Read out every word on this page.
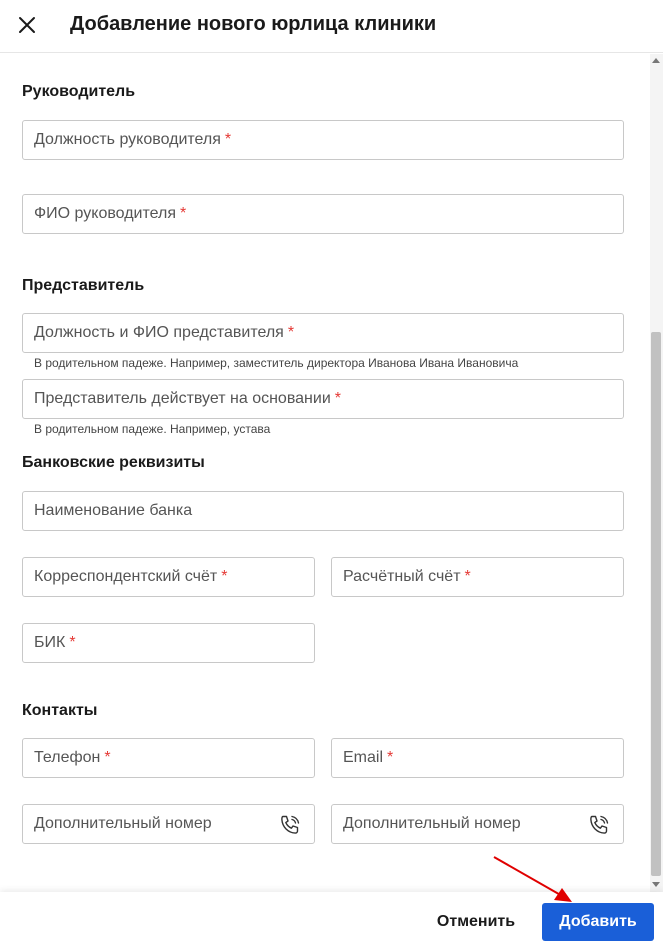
Добавление нового юрлица клиники
Руководитель
Должность руководителя *
ФИО руководителя *
Представитель
Должность и ФИО представителя *
В родительном падеже. Например, заместитель директора Иванова Ивана Ивановича
Представитель действует на основании *
В родительном падеже. Например, устава
Банковские реквизиты
Наименование банка
Корреспондентский счёт *	Расчётный счёт *
БИК *
Контакты
Телефон *	Email *
Дополнительный номер	Дополнительный номер
Отменить	Добавить
